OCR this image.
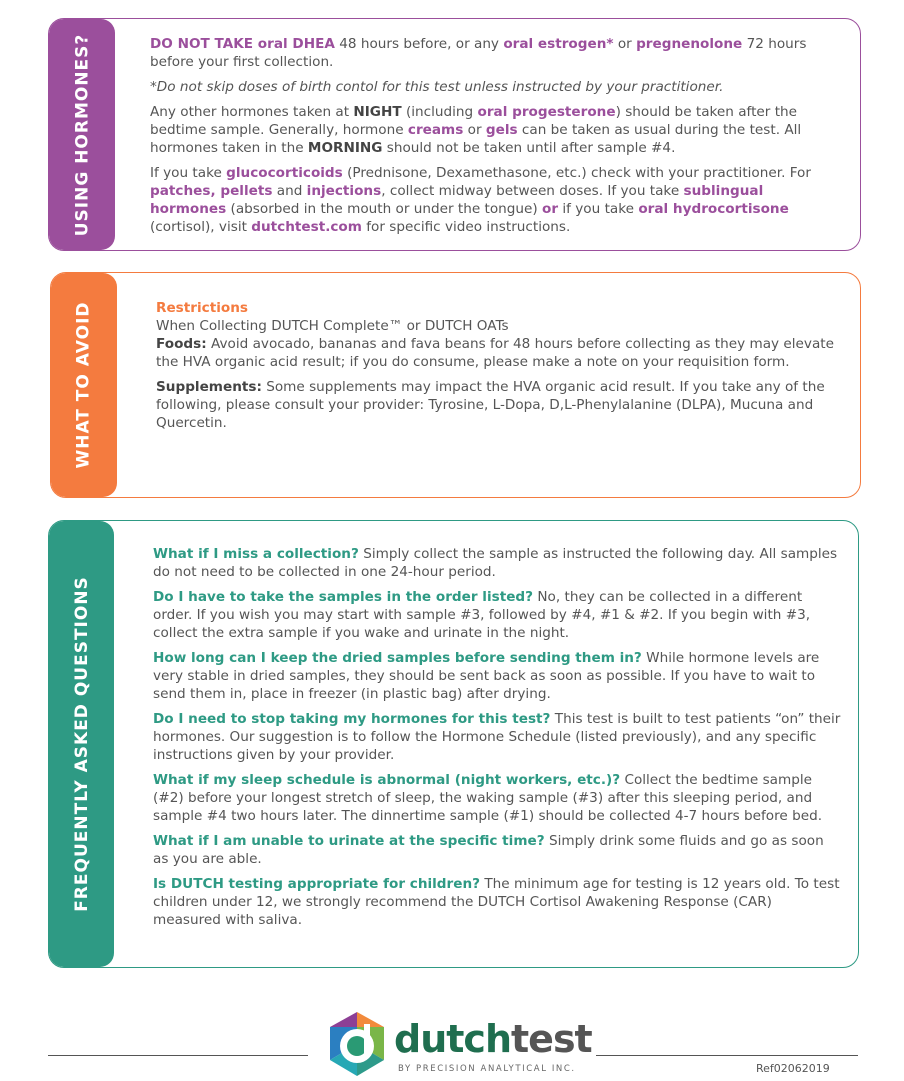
USING HORMONES?	DO NOT TAKE oral DHEA 48 hours before, or any oral estrogen* or pregnenolone 72 hours before your first collection.

*Do not skip doses of birth contol for this test unless instructed by your practitioner.

Any other hormones taken at NIGHT (including oral progesterone) should be taken after the bedtime sample. Generally, hormone creams or gels can be taken as usual during the test. All hormones taken in the MORNING should not be taken until after sample #4.

If you take glucocorticoids (Prednisone, Dexamethasone, etc.) check with your practitioner. For patches, pellets and injections, collect midway between doses. If you take sublingual hormones (absorbed in the mouth or under the tongue) or if you take oral hydrocortisone (cortisol), visit dutchtest.com for specific video instructions.

WHAT TO AVOID	Restrictions
When Collecting DUTCH Complete™ or DUTCH OATs
Foods: Avoid avocado, bananas and fava beans for 48 hours before collecting as they may elevate the HVA organic acid result; if you do consume, please make a note on your requisition form.

Supplements: Some supplements may impact the HVA organic acid result. If you take any of the following, please consult your provider: Tyrosine, L-Dopa, D,L-Phenylalanine (DLPA), Mucuna and Quercetin.

FREQUENTLY ASKED QUESTIONS

What if I miss a collection? Simply collect the sample as instructed the following day. All samples do not need to be collected in one 24-hour period.

Do I have to take the samples in the order listed? No, they can be collected in a different order. If you wish you may start with sample #3, followed by #4, #1 & #2. If you begin with #3, collect the extra sample if you wake and urinate in the night.

How long can I keep the dried samples before sending them in? While hormone levels are very stable in dried samples, they should be sent back as soon as possible. If you have to wait to send them in, place in freezer (in plastic bag) after drying.

Do I need to stop taking my hormones for this test? This test is built to test patients “on” their hormones. Our suggestion is to follow the Hormone Schedule (listed previously), and any specific instructions given by your provider.

What if my sleep schedule is abnormal (night workers, etc.)? Collect the bedtime sample (#2) before your longest stretch of sleep, the waking sample (#3) after this sleeping period, and sample #4 two hours later. The dinnertime sample (#1) should be collected 4-7 hours before bed.

What if I am unable to urinate at the specific time? Simply drink some fluids and go as soon as you are able.

Is DUTCH testing appropriate for children? The minimum age for testing is 12 years old. To test children under 12, we strongly recommend the DUTCH Cortisol Awakening Response (CAR) measured with saliva.

dutchtest
BY PRECISION ANALYTICAL INC.	Ref02062019
